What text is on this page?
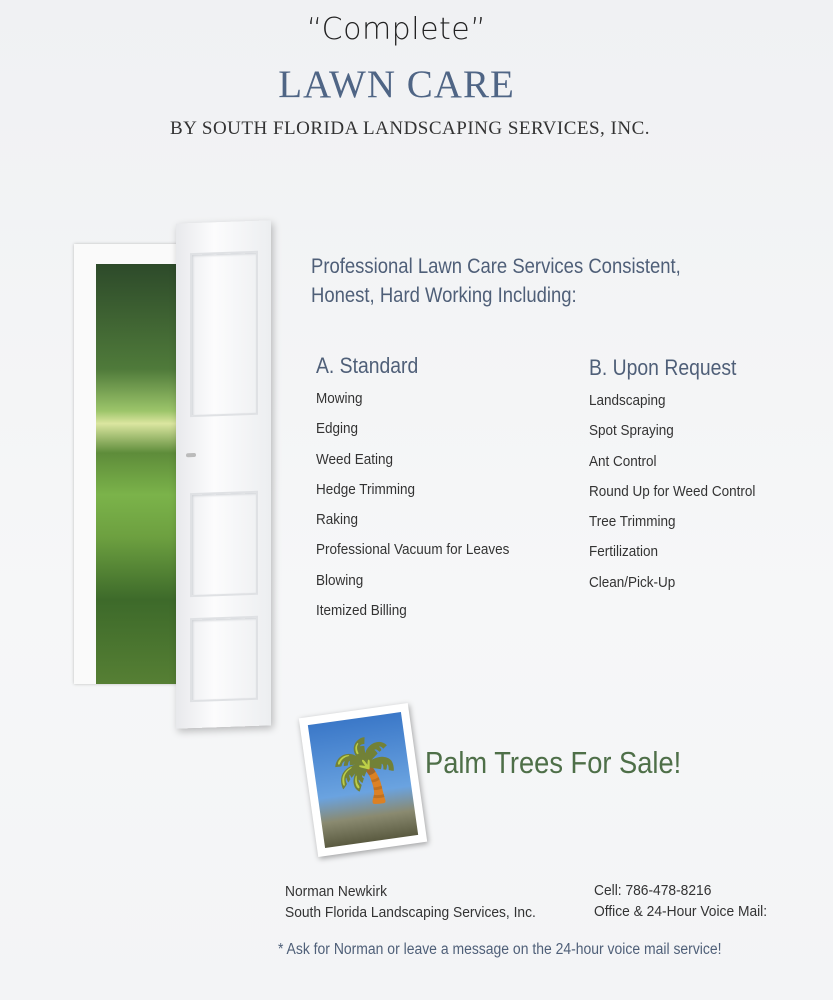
“Complete”
LAWN CARE
BY SOUTH FLORIDA LANDSCAPING SERVICES, INC.
Professional Lawn Care Services Consistent,
Honest, Hard Working Including:
A. Standard
Mowing
Edging
Weed Eating
Hedge Trimming
Raking
Professional Vacuum for Leaves
Blowing
Itemized Billing
B. Upon Request
Landscaping
Spot Spraying
Ant Control
Round Up for Weed Control
Tree Trimming
Fertilization
Clean/Pick-Up
🌴 Palm Trees For Sale!
Norman Newkirk
South Florida Landscaping Services, Inc.
Cell: 786-478-8216
Office & 24-Hour Voice Mail:
* Ask for Norman or leave a message on the 24-hour voice mail service!
